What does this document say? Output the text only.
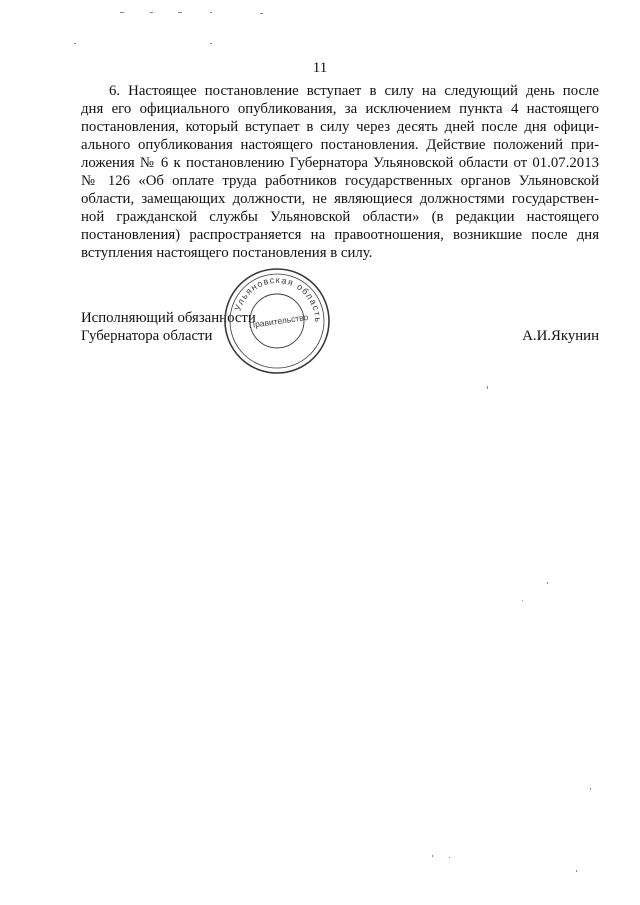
11
6. Настоящее постановление вступает в силу на следующий день после
дня его официального опубликования, за исключением пункта 4 настоящего
постановления, который вступает в силу через десять дней после дня офици-
ального опубликования настоящего постановления. Действие положений при-
ложения № 6 к постановлению Губернатора Ульяновской области от 01.07.2013
№ 126 «Об оплате труда работников государственных органов Ульяновской
области, замещающих должности, не являющиеся должностями государствен-
ной гражданской службы Ульяновской области» (в редакции настоящего
постановления) распространяется на правоотношения, возникшие после дня
вступления настоящего постановления в силу.
Исполняющий обязанности
Губернатора области	А.И.Якунин
Ульяновская область
Правительство
